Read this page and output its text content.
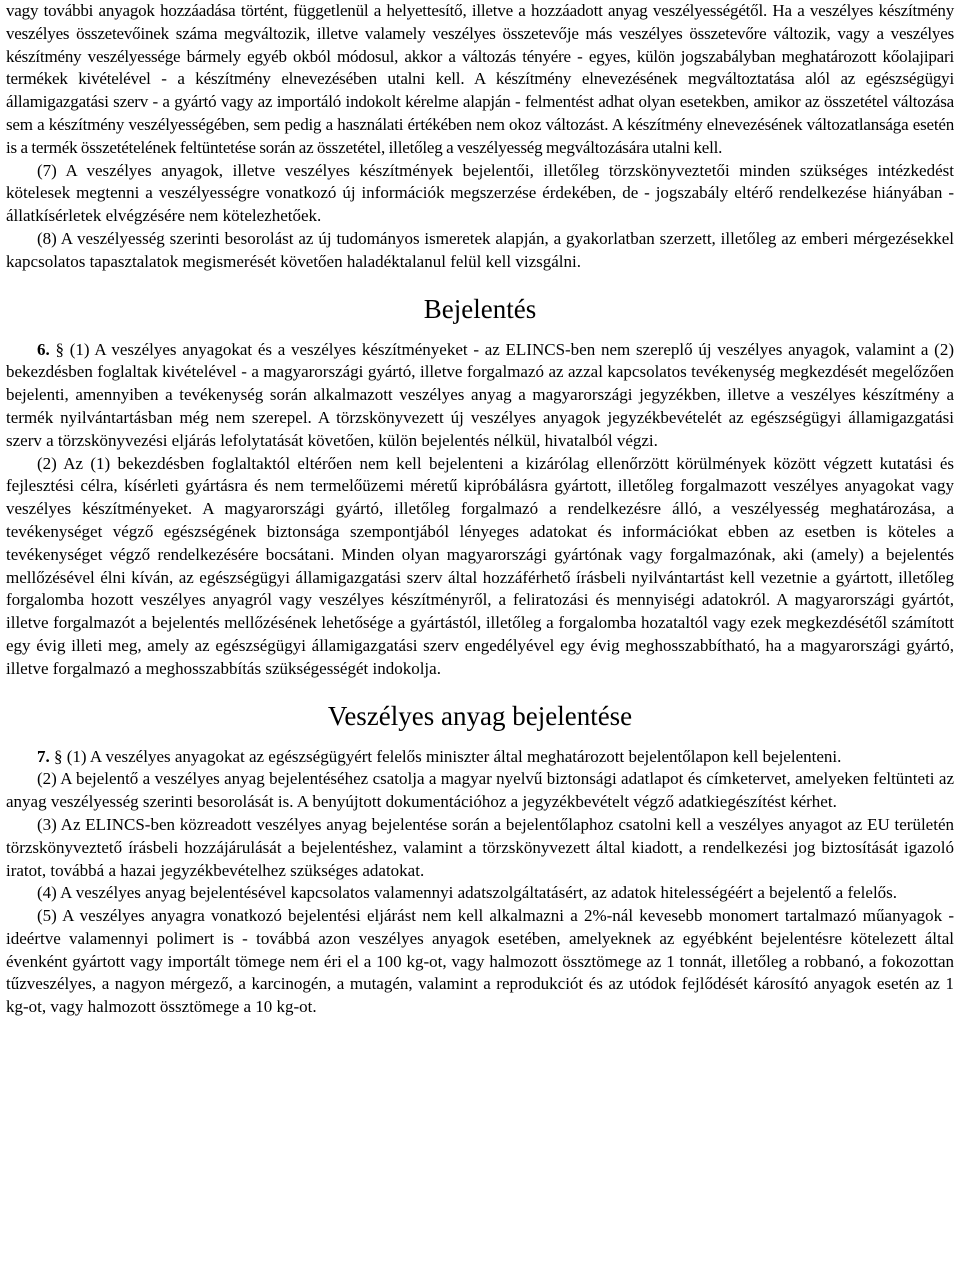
vagy további anyagok hozzáadása történt, függetlenül a helyettesítő, illetve a hozzáadott anyag veszélyességétől. Ha a veszélyes készítmény veszélyes összetevőinek száma megváltozik, illetve valamely veszélyes összetevője más veszélyes összetevőre változik, vagy a veszélyes készítmény veszélyessége bármely egyéb okból módosul, akkor a változás tényére - egyes, külön jogszabályban meghatározott kőolajipari termékek kivételével - a készítmény elnevezésében utalni kell. A készítmény elnevezésének megváltoztatása alól az egészségügyi államigazgatási szerv - a gyártó vagy az importáló indokolt kérelme alapján - felmentést adhat olyan esetekben, amikor az összetétel változása sem a készítmény veszélyességében, sem pedig a használati értékében nem okoz változást. A készítmény elnevezésének változatlansága esetén is a termék összetételének feltüntetése során az összetétel, illetőleg a veszélyesség megváltozására utalni kell.

(7) A veszélyes anyagok, illetve veszélyes készítmények bejelentői, illetőleg törzskönyveztetői minden szükséges intézkedést kötelesek megtenni a veszélyességre vonatkozó új információk megszerzése érdekében, de - jogszabály eltérő rendelkezése hiányában - állatkísérletek elvégzésére nem kötelezhetőek.

(8) A veszélyesség szerinti besorolást az új tudományos ismeretek alapján, a gyakorlatban szerzett, illetőleg az emberi mérgezésekkel kapcsolatos tapasztalatok megismerését követően haladéktalanul felül kell vizsgálni.

Bejelentés

6. § (1) A veszélyes anyagokat és a veszélyes készítményeket - az ELINCS-ben nem szereplő új veszélyes anyagok, valamint a (2) bekezdésben foglaltak kivételével - a magyarországi gyártó, illetve forgalmazó az azzal kapcsolatos tevékenység megkezdését megelőzően bejelenti, amennyiben a tevékenység során alkalmazott veszélyes anyag a magyarországi jegyzékben, illetve a veszélyes készítmény a termék nyilvántartásban még nem szerepel. A törzskönyvezett új veszélyes anyagok jegyzékbevételét az egészségügyi államigazgatási szerv a törzskönyvezési eljárás lefolytatását követően, külön bejelentés nélkül, hivatalból végzi.

(2) Az (1) bekezdésben foglaltaktól eltérően nem kell bejelenteni a kizárólag ellenőrzött körülmények között végzett kutatási és fejlesztési célra, kísérleti gyártásra és nem termelőüzemi méretű kipróbálásra gyártott, illetőleg forgalmazott veszélyes anyagokat vagy veszélyes készítményeket. A magyarországi gyártó, illetőleg forgalmazó a rendelkezésre álló, a veszélyesség meghatározása, a tevékenységet végző egészségének biztonsága szempontjából lényeges adatokat és információkat ebben az esetben is köteles a tevékenységet végző rendelkezésére bocsátani. Minden olyan magyarországi gyártónak vagy forgalmazónak, aki (amely) a bejelentés mellőzésével élni kíván, az egészségügyi államigazgatási szerv által hozzáférhető írásbeli nyilvántartást kell vezetnie a gyártott, illetőleg forgalomba hozott veszélyes anyagról vagy veszélyes készítményről, a feliratozási és mennyiségi adatokról. A magyarországi gyártót, illetve forgalmazót a bejelentés mellőzésének lehetősége a gyártástól, illetőleg a forgalomba hozataltól vagy ezek megkezdésétől számított egy évig illeti meg, amely az egészségügyi államigazgatási szerv engedélyével egy évig meghosszabbítható, ha a magyarországi gyártó, illetve forgalmazó a meghosszabbítás szükségességét indokolja.

Veszélyes anyag bejelentése

7. § (1) A veszélyes anyagokat az egészségügyért felelős miniszter által meghatározott bejelentőlapon kell bejelenteni.

(2) A bejelentő a veszélyes anyag bejelentéséhez csatolja a magyar nyelvű biztonsági adatlapot és címketervet, amelyeken feltünteti az anyag veszélyesség szerinti besorolását is. A benyújtott dokumentációhoz a jegyzékbevételt végző adatkiegészítést kérhet.

(3) Az ELINCS-ben közreadott veszélyes anyag bejelentése során a bejelentőlaphoz csatolni kell a veszélyes anyagot az EU területén törzskönyveztető írásbeli hozzájárulását a bejelentéshez, valamint a törzskönyvezett által kiadott, a rendelkezési jog biztosítását igazoló iratot, továbbá a hazai jegyzékbevételhez szükséges adatokat.

(4) A veszélyes anyag bejelentésével kapcsolatos valamennyi adatszolgáltatásért, az adatok hitelességéért a bejelentő a felelős.

(5) A veszélyes anyagra vonatkozó bejelentési eljárást nem kell alkalmazni a 2%-nál kevesebb monomert tartalmazó műanyagok - ideértve valamennyi polimert is - továbbá azon veszélyes anyagok esetében, amelyeknek az egyébként bejelentésre kötelezett által évenként gyártott vagy importált tömege nem éri el a 100 kg-ot, vagy halmozott össztömege az 1 tonnát, illetőleg a robbanó, a fokozottan tűzveszélyes, a nagyon mérgező, a karcinogén, a mutagén, valamint a reprodukciót és az utódok fejlődését károsító anyagok esetén az 1 kg-ot, vagy halmozott össztömege a 10 kg-ot.
